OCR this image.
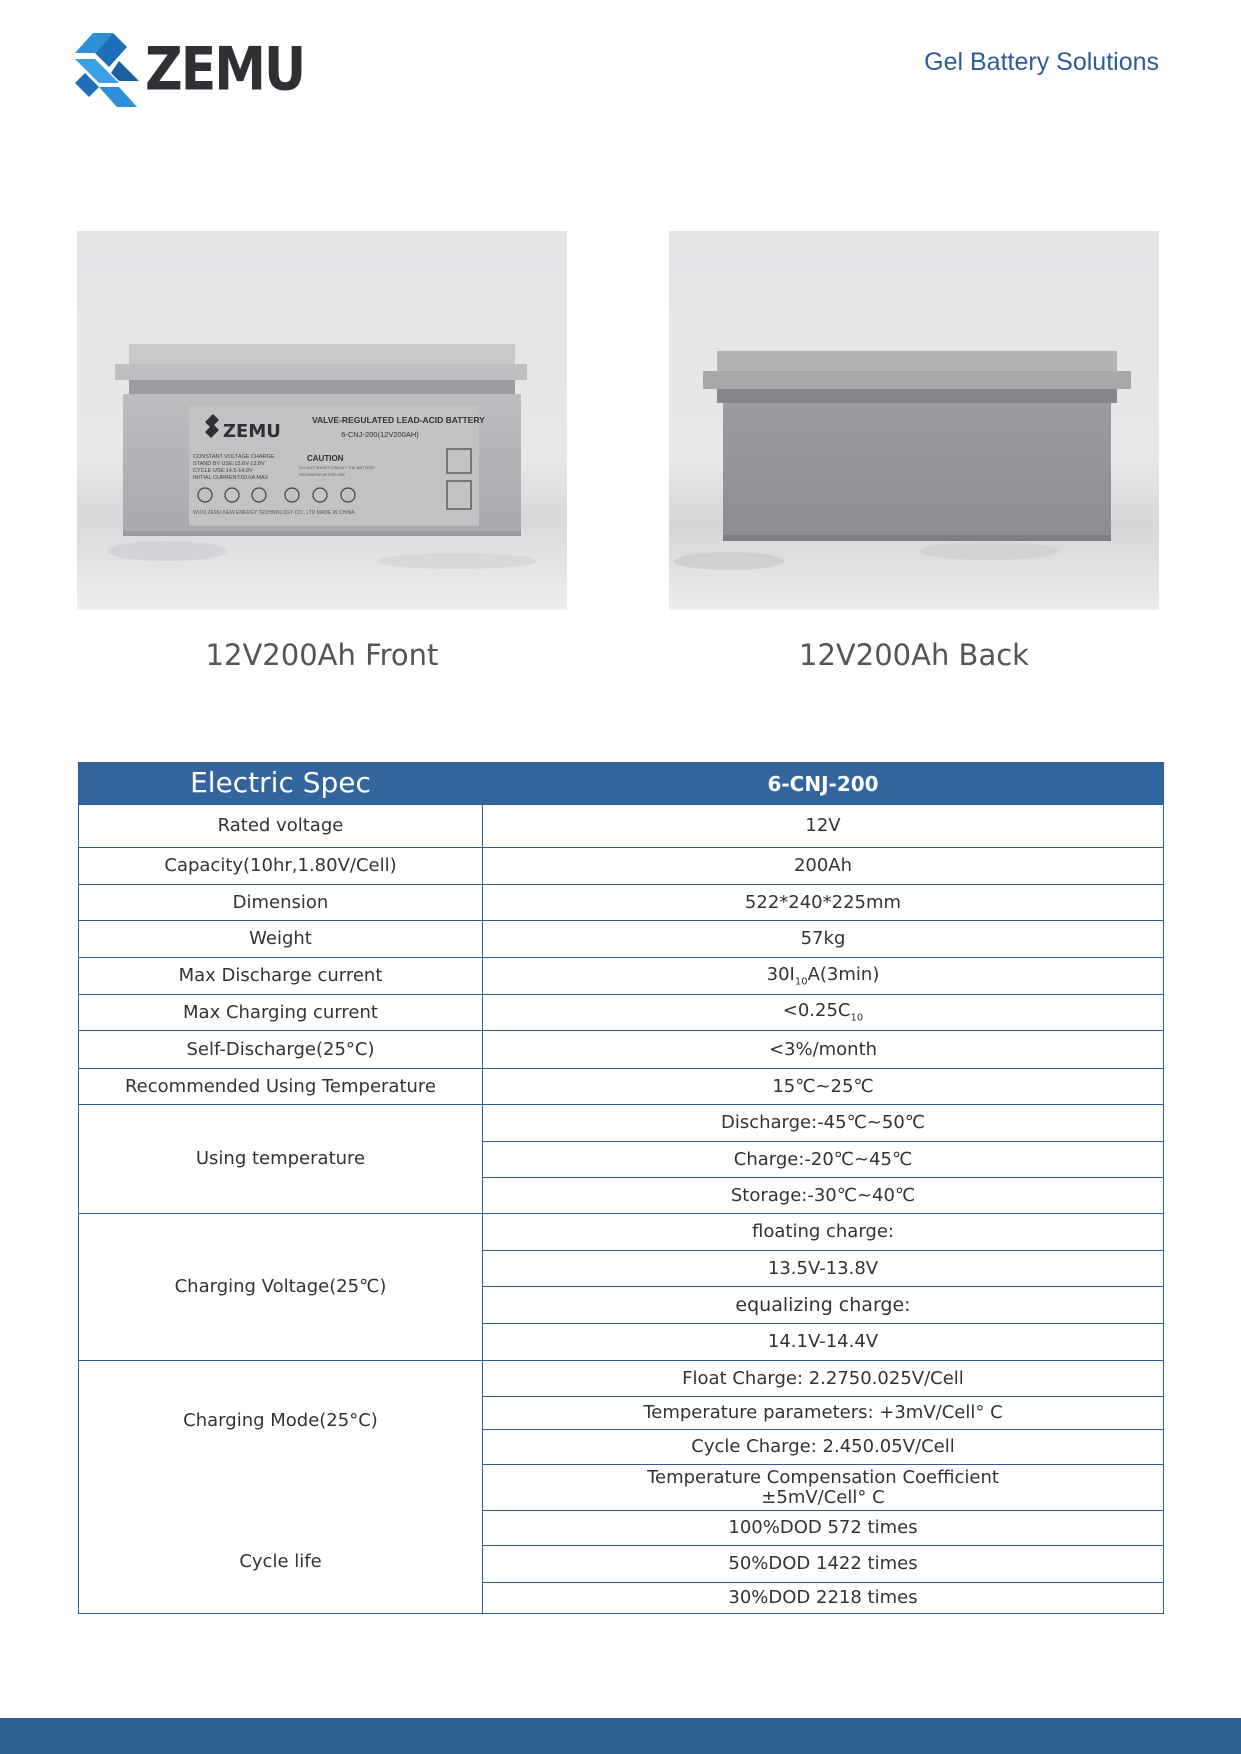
ZEMU	Gel Battery Solutions
ZEMU
VALVE-REGULATED LEAD-ACID BATTERY
6-CNJ-200(12V200AH)
CONSTANT VOLTAGE CHARGE
STAND BY USE:13.6V-13.8V
CYCLE USE:14.5-14.9V
INITIAL CURRENT:60.0A MAX
CAUTION
DO NOT SHORT CIRCUIT THE BATTERY
RECHARGE AFTER USE
WUXI ZEMU NEW ENERGY TECHNOLOGY CO., LTD MADE IN CHINA
12V200Ah Front	12V200Ah Back
Electric Spec	6-CNJ-200
Rated voltage	12V
Capacity(10hr,1.80V/Cell)	200Ah
Dimension	522*240*225mm
Weight	57kg
Max Discharge current	$30I_{10}A(3\min)$
Max Charging current	$<0.25C_{10}$
Self-Discharge(25°C)	<3%/month
Recommended Using Temperature	15℃~25℃
Using temperature	Discharge:-45℃~50℃
	Charge:-20℃~45℃
	Storage:-30℃~40℃
Charging Voltage(25℃)	floating charge:
	13.5V-13.8V
	equalizing charge:
	14.1V-14.4V
Charging Mode(25°C)	Float Charge: 2.2750.025V/Cell
	Temperature parameters: +3mV/Cell° C
	Cycle Charge: 2.450.05V/Cell
	Temperature Compensation Coefficient
±5mV/Cell° C
Cycle life	100%DOD 572 times
	50%DOD 1422 times
	30%DOD 2218 times
